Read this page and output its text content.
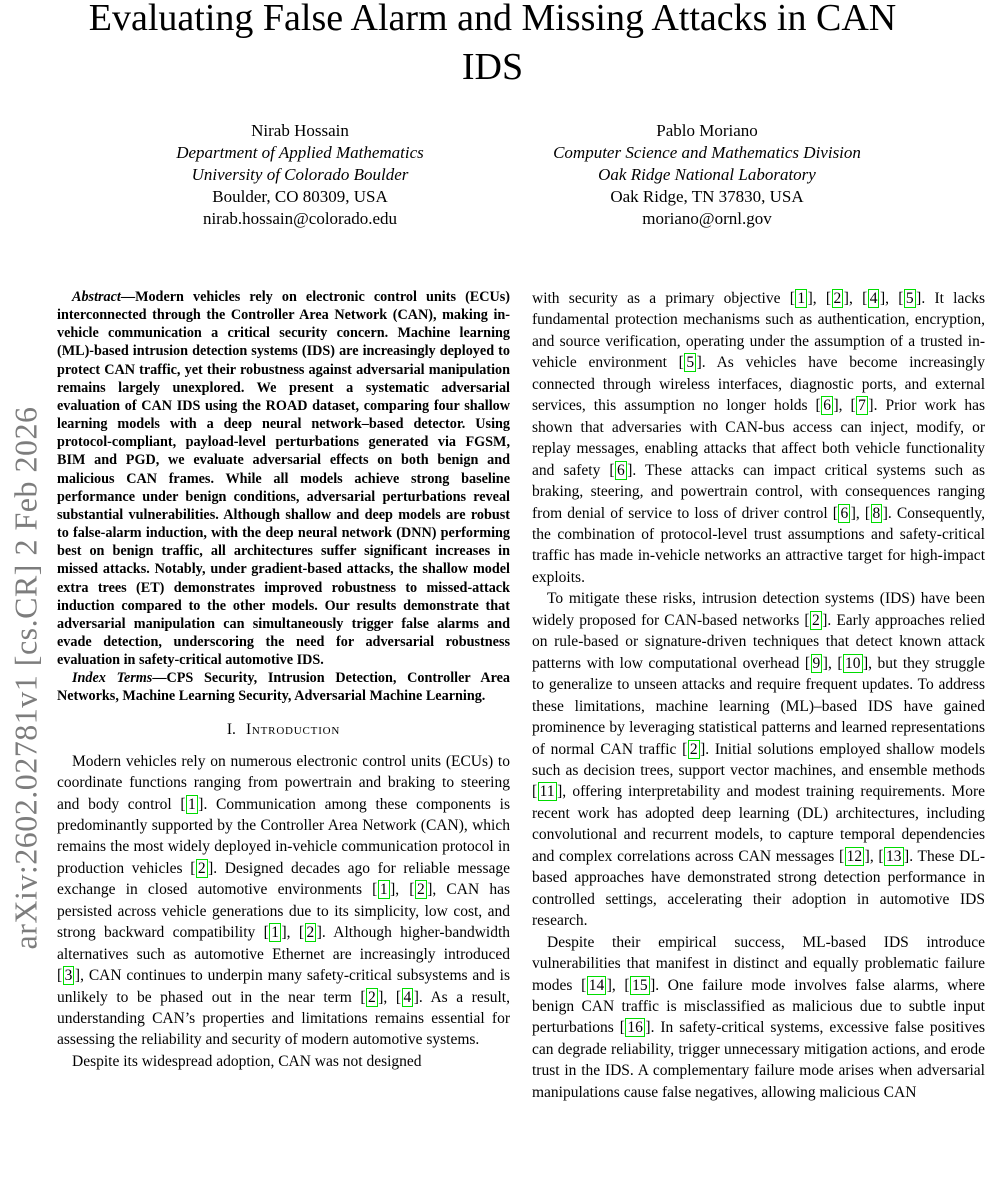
arXiv:2602.02781v1 [cs.CR] 2 Feb 2026
Evaluating False Alarm and Missing Attacks in CAN IDS
Nirab Hossain
Department of Applied Mathematics
University of Colorado Boulder
Boulder, CO 80309, USA
nirab.hossain@colorado.edu
Pablo Moriano
Computer Science and Mathematics Division
Oak Ridge National Laboratory
Oak Ridge, TN 37830, USA
moriano@ornl.gov

Abstract—Modern vehicles rely on electronic control units (ECUs) interconnected through the Controller Area Network (CAN), making in-vehicle communication a critical security concern. Machine learning (ML)-based intrusion detection systems (IDS) are increasingly deployed to protect CAN traffic, yet their robustness against adversarial manipulation remains largely unexplored. We present a systematic adversarial evaluation of CAN IDS using the ROAD dataset, comparing four shallow learning models with a deep neural network–based detector. Using protocol-compliant, payload-level perturbations generated via FGSM, BIM and PGD, we evaluate adversarial effects on both benign and malicious CAN frames. While all models achieve strong baseline performance under benign conditions, adversarial perturbations reveal substantial vulnerabilities. Although shallow and deep models are robust to false-alarm induction, with the deep neural network (DNN) performing best on benign traffic, all architectures suffer significant increases in missed attacks. Notably, under gradient-based attacks, the shallow model extra trees (ET) demonstrates improved robustness to missed-attack induction compared to the other models. Our results demonstrate that adversarial manipulation can simultaneously trigger false alarms and evade detection, underscoring the need for adversarial robustness evaluation in safety-critical automotive IDS.

Index Terms—CPS Security, Intrusion Detection, Controller Area Networks, Machine Learning Security, Adversarial Machine Learning.

I. Introduction

Modern vehicles rely on numerous electronic control units (ECUs) to coordinate functions ranging from powertrain and braking to steering and body control [ 1 ]. Communication among these components is predominantly supported by the Controller Area Network (CAN), which remains the most widely deployed in-vehicle communication protocol in production vehicles [ 2 ]. Designed decades ago for reliable message exchange in closed automotive environments [ 1 ], [ 2 ], CAN has persisted across vehicle generations due to its simplicity, low cost, and strong backward compatibility [ 1 ], [ 2 ]. Although higher-bandwidth alternatives such as automotive Ethernet are increasingly introduced [ 3 ], CAN continues to underpin many safety-critical subsystems and is unlikely to be phased out in the near term [ 2 ], [ 4 ]. As a result, understanding CAN’s properties and limitations remains essential for assessing the reliability and security of modern automotive systems.

Despite its widespread adoption, CAN was not designed

with security as a primary objective [ 1 ], [ 2 ], [ 4 ], [ 5 ]. It lacks fundamental protection mechanisms such as authentication, encryption, and source verification, operating under the assumption of a trusted in-vehicle environment [ 5 ]. As vehicles have become increasingly connected through wireless interfaces, diagnostic ports, and external services, this assumption no longer holds [ 6 ], [ 7 ]. Prior work has shown that adversaries with CAN-bus access can inject, modify, or replay messages, enabling attacks that affect both vehicle functionality and safety [ 6 ]. These attacks can impact critical systems such as braking, steering, and powertrain control, with consequences ranging from denial of service to loss of driver control [ 6 ], [ 8 ]. Consequently, the combination of protocol-level trust assumptions and safety-critical traffic has made in-vehicle networks an attractive target for high-impact exploits.

To mitigate these risks, intrusion detection systems (IDS) have been widely proposed for CAN-based networks [ 2 ]. Early approaches relied on rule-based or signature-driven techniques that detect known attack patterns with low computational overhead [ 9 ], [ 10 ], but they struggle to generalize to unseen attacks and require frequent updates. To address these limitations, machine learning (ML)–based IDS have gained prominence by leveraging statistical patterns and learned representations of normal CAN traffic [ 2 ]. Initial solutions employed shallow models such as decision trees, support vector machines, and ensemble methods [ 11 ], offering interpretability and modest training requirements. More recent work has adopted deep learning (DL) architectures, including convolutional and recurrent models, to capture temporal dependencies and complex correlations across CAN messages [ 12 ], [ 13 ]. These DL-based approaches have demonstrated strong detection performance in controlled settings, accelerating their adoption in automotive IDS research.

Despite their empirical success, ML-based IDS introduce vulnerabilities that manifest in distinct and equally problematic failure modes [ 14 ], [ 15 ]. One failure mode involves false alarms, where benign CAN traffic is misclassified as malicious due to subtle input perturbations [ 16 ]. In safety-critical systems, excessive false positives can degrade reliability, trigger unnecessary mitigation actions, and erode trust in the IDS. A complementary failure mode arises when adversarial manipulations cause false negatives, allowing malicious CAN
